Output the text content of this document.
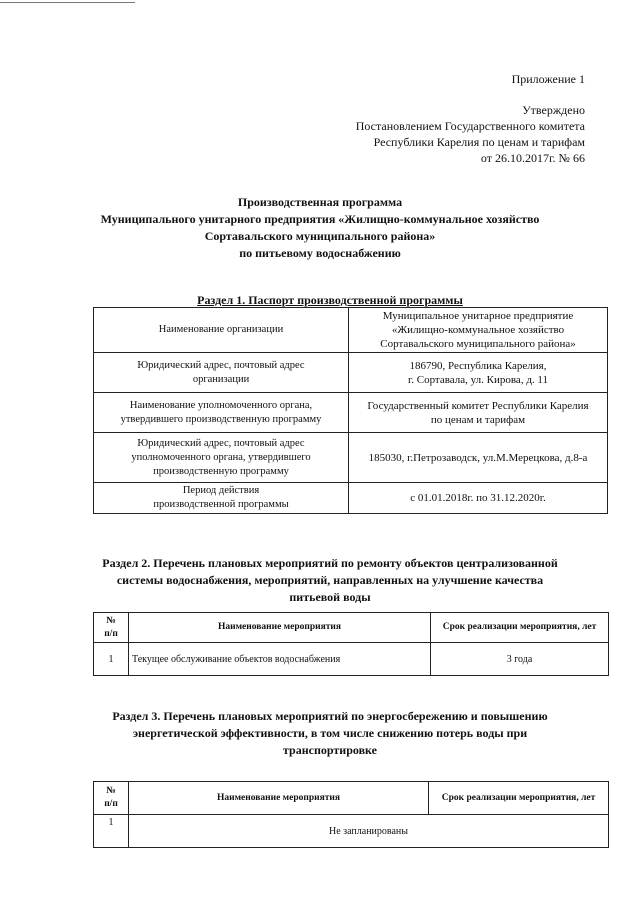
Приложение 1
Утверждено
Постановлением Государственного комитета
Республики Карелия по ценам и тарифам
от 26.10.2017г. № 66
Производственная программа
Муниципального унитарного предприятия «Жилищно-коммунальное хозяйство
Сортавальского муниципального района»
по питьевому водоснабжению
Раздел 1. Паспорт производственной программы
Наименование организации	Муниципальное унитарное предприятие
«Жилищно-коммунальное хозяйство
Сортавальского муниципального района»
Юридический адрес, почтовый адрес
организации	186790, Республика Карелия,
г. Сортавала, ул. Кирова, д. 11
Наименование уполномоченного органа,
утвердившего производственную программу	Государственный комитет Республики Карелия
по ценам и тарифам
Юридический адрес, почтовый адрес
уполномоченного органа, утвердившего
производственную программу	185030, г.Петрозаводск, ул.М.Мерецкова, д.8-а
Период действия
производственной программы	с 01.01.2018г. по 31.12.2020г.
Раздел 2. Перечень плановых мероприятий по ремонту объектов централизованной
системы водоснабжения, мероприятий, направленных на улучшение качества
питьевой воды
№
п/п	Наименование мероприятия	Срок реализации мероприятия, лет
1	Текущее обслуживание объектов водоснабжения	3 года
Раздел 3. Перечень плановых мероприятий по энергосбережению и повышению
энергетической эффективности, в том числе снижению потерь воды при
транспортировке
№
п/п	Наименование мероприятия	Срок реализации мероприятия, лет
1	Не запланированы	
